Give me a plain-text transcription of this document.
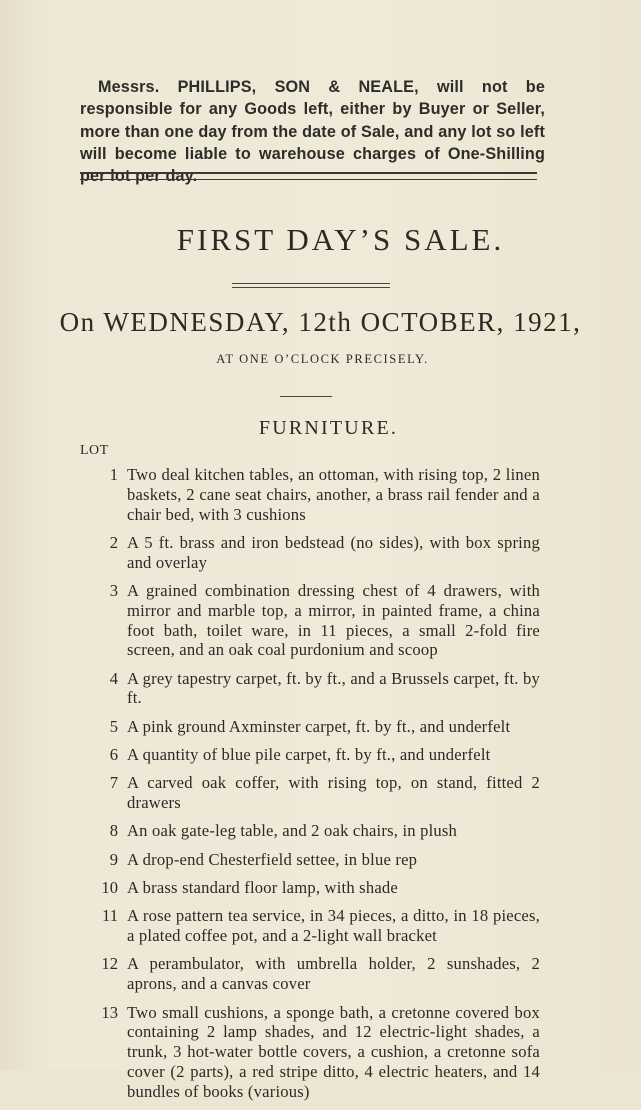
Messrs. PHILLIPS, SON & NEALE, will not be responsible for any Goods left, either by Buyer or Seller, more than one day from the date of Sale, and any lot so left will become liable to warehouse charges of One-Shilling per lot per day.
FIRST DAY’S SALE.
On WEDNESDAY, 12th OCTOBER, 1921,
AT ONE O’CLOCK PRECISELY.
FURNITURE.
LOT
1 Two deal kitchen tables, an ottoman, with rising top, 2 linen baskets, 2 cane seat chairs, another, a brass rail fender and a chair bed, with 3 cushions
2 A 5 ft. brass and iron bedstead (no sides), with box spring and overlay
3 A grained combination dressing chest of 4 drawers, with mirror and marble top, a mirror, in painted frame, a china foot bath, toilet ware, in 11 pieces, a small 2-fold fire screen, and an oak coal purdonium and scoop
4 A grey tapestry carpet, ft. by ft., and a Brussels carpet, ft. by ft.
5 A pink ground Axminster carpet, ft. by ft., and underfelt
6 A quantity of blue pile carpet, ft. by ft., and underfelt
7 A carved oak coffer, with rising top, on stand, fitted 2 drawers
8 An oak gate-leg table, and 2 oak chairs, in plush
9 A drop-end Chesterfield settee, in blue rep
10 A brass standard floor lamp, with shade
11 A rose pattern tea service, in 34 pieces, a ditto, in 18 pieces, a plated coffee pot, and a 2-light wall bracket
12 A perambulator, with umbrella holder, 2 sunshades, 2 aprons, and a canvas cover
13 Two small cushions, a sponge bath, a cretonne covered box containing 2 lamp shades, and 12 electric-light shades, a trunk, 3 hot-water bottle covers, a cushion, a cretonne sofa cover (2 parts), a red stripe ditto, 4 electric heaters, and 14 bundles of books (various)
